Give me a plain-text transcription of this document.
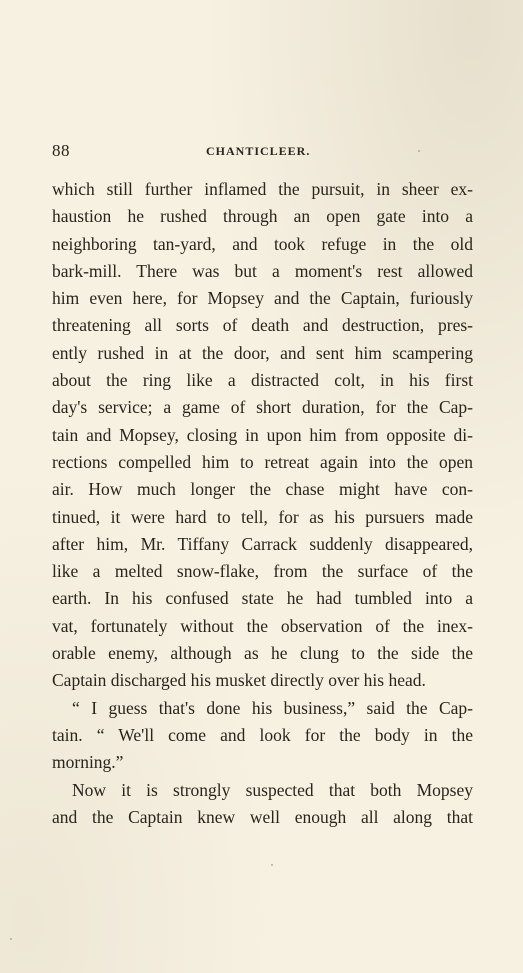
88	CHANTICLEER.
which still further inflamed the pursuit, in sheer ex-
haustion he rushed through an open gate into a
neighboring tan-yard, and took refuge in the old
bark-mill. There was but a moment's rest allowed
him even here, for Mopsey and the Captain, furiously
threatening all sorts of death and destruction, pres-
ently rushed in at the door, and sent him scampering
about the ring like a distracted colt, in his first
day's service; a game of short duration, for the Cap-
tain and Mopsey, closing in upon him from opposite di-
rections compelled him to retreat again into the open
air. How much longer the chase might have con-
tinued, it were hard to tell, for as his pursuers made
after him, Mr. Tiffany Carrack suddenly disappeared,
like a melted snow-flake, from the surface of the
earth. In his confused state he had tumbled into a
vat, fortunately without the observation of the inex-
orable enemy, although as he clung to the side the
Captain discharged his musket directly over his head.
“ I guess that's done his business,” said the Cap-
tain. “ We'll come and look for the body in the
morning.”
Now it is strongly suspected that both Mopsey
and the Captain knew well enough all along that
